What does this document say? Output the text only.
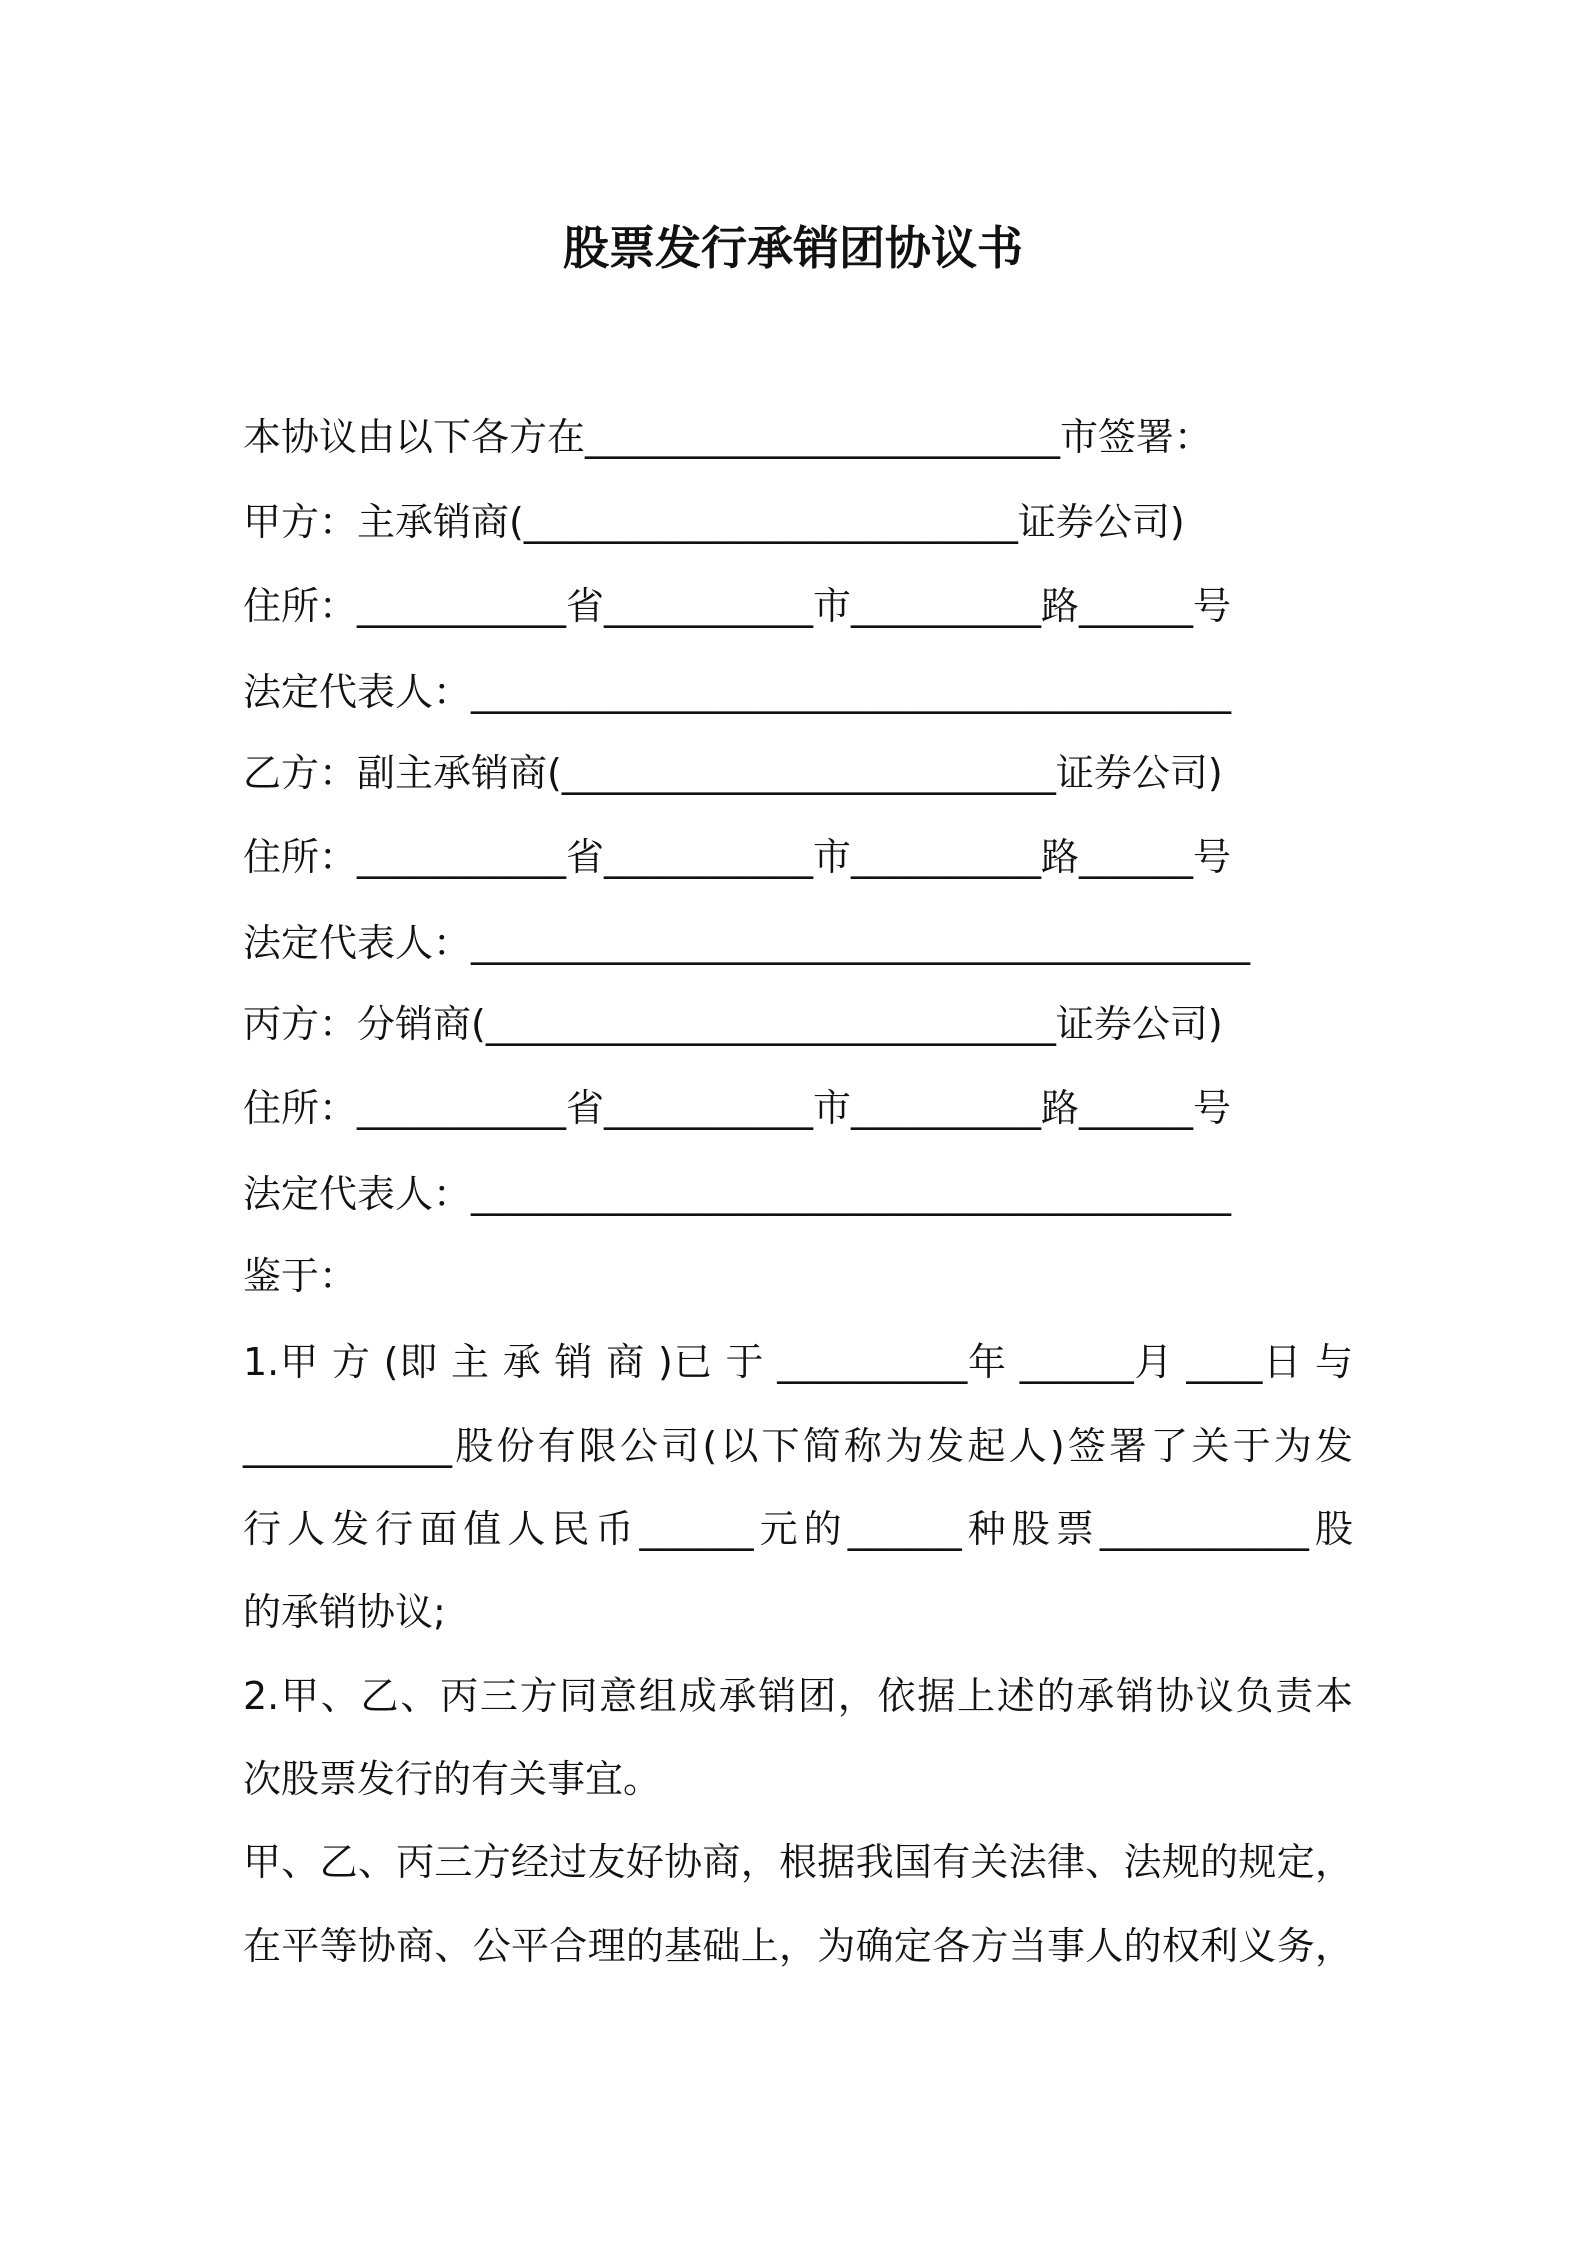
股票发行承销团协议书
本协议由以下各方在_________________________市签署：
甲方：主承销商(__________________________证券公司)
住所：___________省___________市__________路______号
法定代表人：________________________________________
乙方：副主承销商(__________________________证券公司)
住所：___________省___________市__________路______号
法定代表人：_________________________________________
丙方：分销商(______________________________证券公司)
住所：___________省___________市__________路______号
法定代表人：________________________________________
鉴于：
1.甲 方 (即 主 承 销 商 )已 于 __________年 ______月 ____日 与
___________股份有限公司(以下简称为发起人)签署了关于为发
行人发行面值人民币______元的______种股票___________股
的承销协议;
2.甲、乙、丙三方同意组成承销团，依据上述的承销协议负责本
次股票发行的有关事宜。
甲、乙、丙三方经过友好协商，根据我国有关法律、法规的规定，
在平等协商、公平合理的基础上，为确定各方当事人的权利义务，
